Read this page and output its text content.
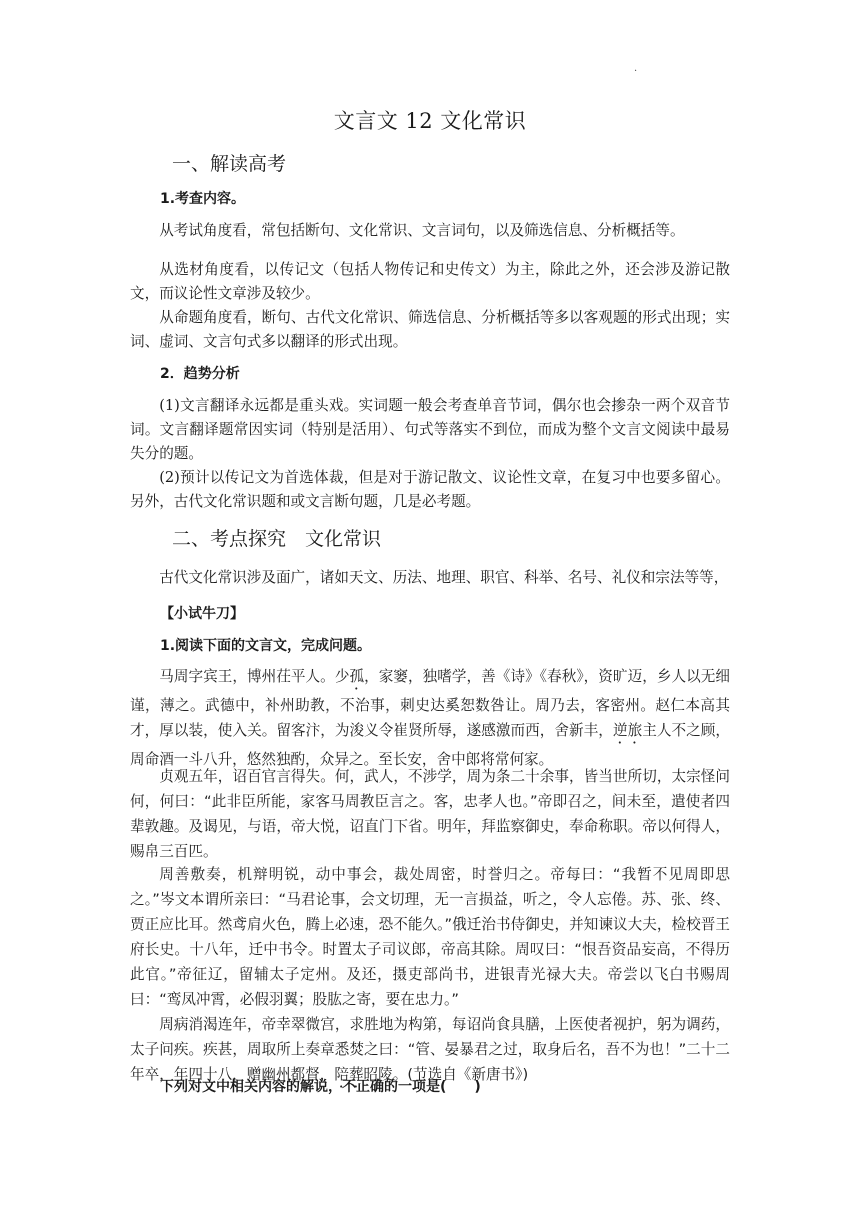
·
文言文 12 文化常识
一、解读高考
1.考查内容。

从考试角度看，常包括断句、文化常识、文言词句，以及筛选信息、分析概括等。

从选材角度看，以传记文（包括人物传记和史传文）为主，除此之外，还会涉及游记散文，而议论性文章涉及较少。

从命题角度看，断句、古代文化常识、筛选信息、分析概括等多以客观题的形式出现；实词、虚词、文言句式多以翻译的形式出现。

2．趋势分析

(1)文言翻译永远都是重头戏。实词题一般会考查单音节词，偶尔也会掺杂一两个双音节词。文言翻译题常因实词（特别是活用）、句式等落实不到位，而成为整个文言文阅读中最易失分的题。

(2)预计以传记文为首选体裁，但是对于游记散文、议论性文章，在复习中也要多留心。另外，古代文化常识题和或文言断句题，几是必考题。

二、考点探究　文化常识

古代文化常识涉及面广，诸如天文、历法、地理、职官、科举、名号、礼仪和宗法等等，

【小试牛刀】
1.阅读下面的文言文，完成问题。

马周字宾王，博州茌平人。少孤，家窭，独嗜学，善《诗》《春秋》，资旷迈，乡人以无细谨，薄之。武德中，补州助教，不治事，刺史达奚恕数咎让。周乃去，客密州。赵仁本高其才，厚以装，使入关。留客汴，为浚义令崔贤所辱，遂感激而西，舍新丰，逆旅主人不之顾，周命酒一斗八升，悠然独酌，众异之。至长安，舍中郎将常何家。

贞观五年，诏百官言得失。何，武人，不涉学，周为条二十余事，皆当世所切，太宗怪问何，何曰：“此非臣所能，家客马周教臣言之。客，忠孝人也。”帝即召之，间未至，遣使者四辈敦趣。及谒见，与语，帝大悦，诏直门下省。明年，拜监察御史，奉命称职。帝以何得人，赐帛三百匹。

周善敷奏，机辩明锐，动中事会，裁处周密，时誉归之。帝每曰：“我暂不见周即思之。”岑文本谓所亲曰：“马君论事，会文切理，无一言损益，听之，令人忘倦。苏、张、终、贾正应比耳。然鸢肩火色，腾上必速，恐不能久。”俄迁治书侍御史，并知谏议大夫，检校晋王府长史。十八年，迁中书令。时置太子司议郎，帝高其除。周叹曰：“恨吾资品妄高，不得历此官。”帝征辽，留辅太子定州。及还，摄吏部尚书，进银青光禄大夫。帝尝以飞白书赐周曰：“鸾凤冲霄，必假羽翼；股肱之寄，要在忠力。”

周病消渴连年，帝幸翠微宫，求胜地为构第，每诏尚食具膳，上医使者视护，躬为调药，太子问疾。疾甚，周取所上奏章悉焚之曰：“管、晏暴君之过，取身后名，吾不为也！”二十二年卒，年四十八，赠幽州都督，陪葬昭陵。(节选自《新唐书》)

下列对文中相关内容的解说，不正确的一项是(　　)
